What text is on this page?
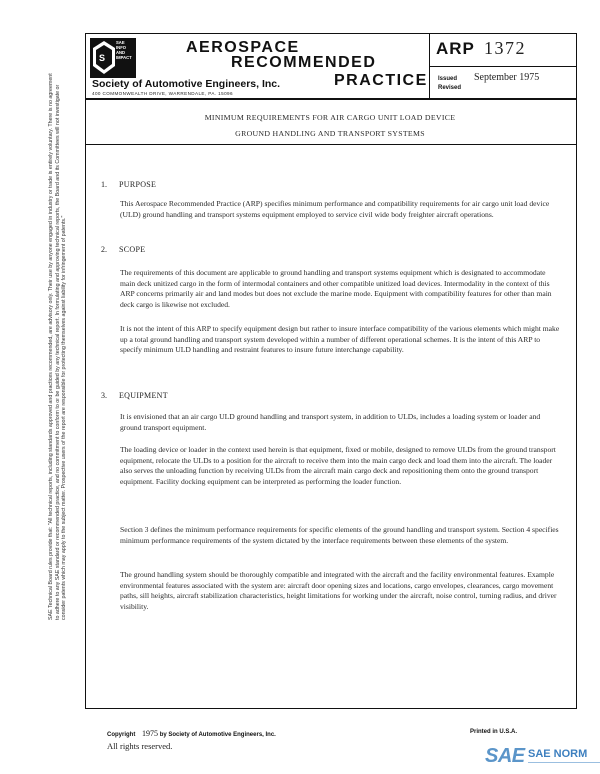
S
SAE
INFO
AND
IMPACT
AEROSPACE
RECOMMENDED
PRACTICE
Society of Automotive Engineers, Inc.
400 COMMONWEALTH DRIVE, WARRENDALE, PA. 15096
ARP 1372
Issued September 1975
Revised
MINIMUM REQUIREMENTS FOR AIR CARGO UNIT LOAD DEVICE
GROUND HANDLING AND TRANSPORT SYSTEMS
1. PURPOSE
This Aerospace Recommended Practice (ARP) specifies minimum performance and compatibility requirements for air cargo unit load device (ULD) ground handling and transport systems equipment employed to service civil wide body freighter aircraft operations.
2. SCOPE
The requirements of this document are applicable to ground handling and transport systems equipment which is designated to accommodate main deck unitized cargo in the form of intermodal containers and other compatible unitized load devices. Intermodality in the context of this ARP concerns primarily air and land modes but does not exclude the marine mode. Equipment with compatibility features for other than main deck cargo is likewise not excluded.
It is not the intent of this ARP to specify equipment design but rather to insure interface compatibility of the various elements which might make up a total ground handling and transport system developed within a number of different operational schemes. It is the intent of this ARP to specify minimum ULD handling and restraint features to insure future interchange capability.
3. EQUIPMENT
It is envisioned that an air cargo ULD ground handling and transport system, in addition to ULDs, includes a loading system or loader and ground transport equipment.
The loading device or loader in the context used herein is that equipment, fixed or mobile, designed to remove ULDs from the ground transport equipment, relocate the ULDs to a position for the aircraft to receive them into the main cargo deck and load them into the aircraft. The loader also serves the unloading function by receiving ULDs from the aircraft main cargo deck and repositioning them onto the ground transport equipment. Facility docking equipment can be interpreted as performing the loader function.
Section 3 defines the minimum performance requirements for specific elements of the ground handling and transport system. Section 4 specifies minimum performance requirements of the system dictated by the interface requirements between these elements of the system.
The ground handling system should be thoroughly compatible and integrated with the aircraft and the facility environmental features. Example environmental features associated with the system are: aircraft door opening sizes and locations, cargo envelopes, clearances, cargo movement paths, sill heights, aircraft stabilization characteristics, height limitations for working under the aircraft, noise control, turning radius, and driver visibility.
SAE Technical Board rules provide that: "All technical reports, including standards approved and practices recommended, are advisory only. Their use by anyone engaged in industry or trade is entirely voluntary. There is no agreement to adhere to any SAE standard or recommended practice, and no commitment to conform to or be guided by any technical report. In formulating and approving technical reports, the Board and its Committees will not investigate or consider patents which may apply to the subject matter. Prospective users of the report are responsible for protecting themselves against liability for infringement of patents."
Copyright 1975 by Society of Automotive Engineers, Inc.
All rights reserved.
Printed in U.S.A.
SAE SAE NORM
